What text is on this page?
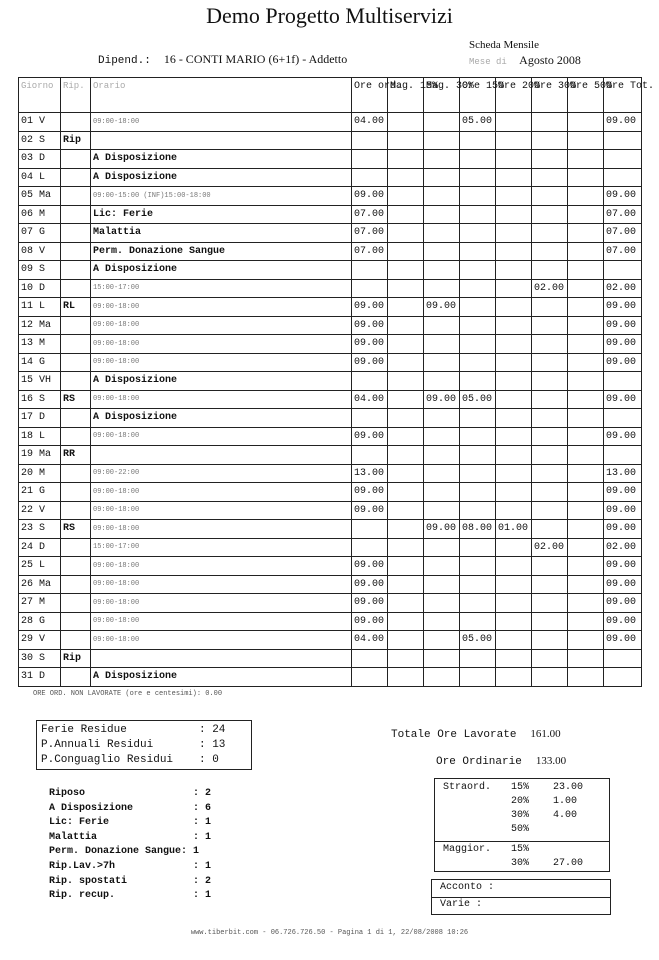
Demo Progetto Multiservizi
Dipend.: 16 - CONTI MARIO (6+1f) - Addetto
Scheda Mensile
Mese di Agosto 2008
Giorno	Rip.	Orario	Ore ord.	Mag. 15%	Mag. 30%	Ore 15%	Ore 20%	Ore 30%	Ore 50%	Ore Tot.
01 V		09:00-18:00	04.00			05.00				09.00
02 S	Rip									
03 D		A Disposizione								
04 L		A Disposizione								
05 Ma		09:00-15:00 (INF)15:00-18:00	09.00							09.00
06 M		Lic: Ferie	07.00							07.00
07 G		Malattia	07.00							07.00
08 V		Perm. Donazione Sangue	07.00							07.00
09 S		A Disposizione								
10 D		15:00-17:00						02.00		02.00
11 L	RL	09:00-18:00	09.00		09.00					09.00
12 Ma		09:00-18:00	09.00							09.00
13 M		09:00-18:00	09.00							09.00
14 G		09:00-18:00	09.00							09.00
15 VH		A Disposizione								
16 S	RS	09:00-18:00	04.00		09.00	05.00				09.00
17 D		A Disposizione								
18 L		09:00-18:00	09.00							09.00
19 Ma	RR									
20 M		09:00-22:00	13.00							13.00
21 G		09:00-18:00	09.00							09.00
22 V		09:00-18:00	09.00							09.00
23 S	RS	09:00-18:00			09.00	08.00	01.00			09.00
24 D		15:00-17:00						02.00		02.00
25 L		09:00-18:00	09.00							09.00
26 Ma		09:00-18:00	09.00							09.00
27 M		09:00-18:00	09.00							09.00
28 G		09:00-18:00	09.00							09.00
29 V		09:00-18:00	04.00			05.00				09.00
30 S	Rip									
31 D		A Disposizione								
ORE ORD. NON LAVORATE (ore e centesimi): 0.00
Ferie Residue	: 24
P.Annuali Residui	: 13
P.Conguaglio Residui	: 0
Totale Ore Lavorate 161.00
Ore Ordinarie 133.00
Straord. 15% 23.00
20% 1.00
30% 4.00
50%
Maggior. 15%
30% 27.00
Acconto :
Varie :
Riposo	: 2
A Disposizione	: 6
Lic: Ferie	: 1
Malattia	: 1
Perm. Donazione Sangue: 1
Rip.Lav.>7h	: 1
Rip. spostati	: 2
Rip. recup.	: 1
www.tiberbit.com - 06.726.726.50 - Pagina 1 di 1, 22/08/2008 10:26
